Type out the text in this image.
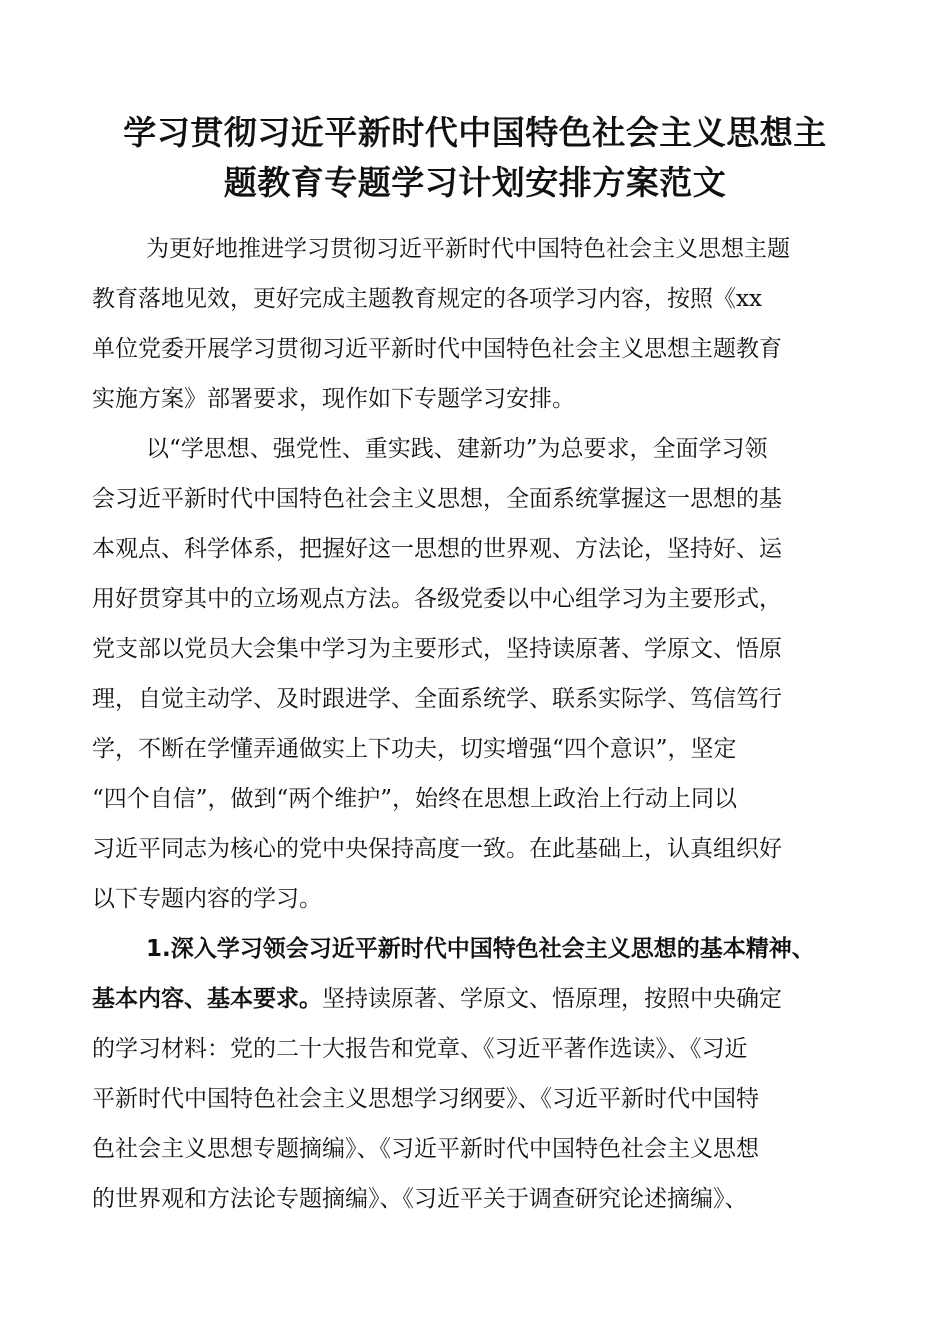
学习贯彻习近平新时代中国特色社会主义思想主
题教育专题学习计划安排方案范文
为更好地推进学习贯彻习近平新时代中国特色社会主义思想主题
教育落地见效，更好完成主题教育规定的各项学习内容，按照《xx
单位党委开展学习贯彻习近平新时代中国特色社会主义思想主题教育
实施方案》部署要求，现作如下专题学习安排。
以“学思想、强党性、重实践、建新功”为总要求，全面学习领
会习近平新时代中国特色社会主义思想，全面系统掌握这一思想的基
本观点、科学体系，把握好这一思想的世界观、方法论，坚持好、运
用好贯穿其中的立场观点方法。各级党委以中心组学习为主要形式，
党支部以党员大会集中学习为主要形式，坚持读原著、学原文、悟原
理，自觉主动学、及时跟进学、全面系统学、联系实际学、笃信笃行
学，不断在学懂弄通做实上下功夫，切实增强“四个意识”，坚定
“四个自信”，做到“两个维护”，始终在思想上政治上行动上同以
习近平同志为核心的党中央保持高度一致。在此基础上，认真组织好
以下专题内容的学习。
1.深入学习领会习近平新时代中国特色社会主义思想的基本精神、
基本内容、基本要求。坚持读原著、学原文、悟原理，按照中央确定
的学习材料：党的二十大报告和党章、《习近平著作选读》、《习近
平新时代中国特色社会主义思想学习纲要》、《习近平新时代中国特
色社会主义思想专题摘编》、《习近平新时代中国特色社会主义思想
的世界观和方法论专题摘编》、《习近平关于调查研究论述摘编》、
